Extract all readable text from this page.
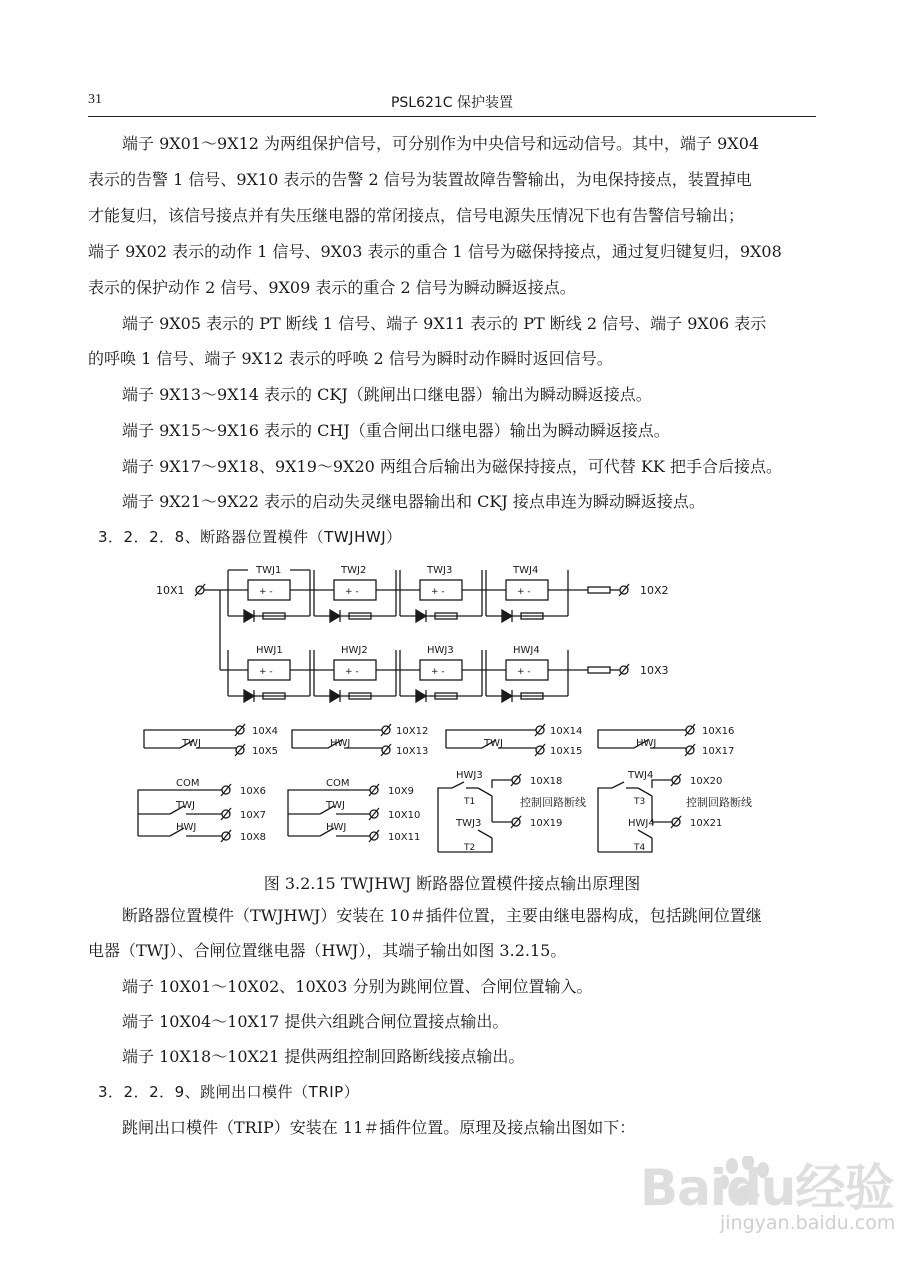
31	PSL621C 保护装置
端子 9X01～9X12 为两组保护信号，可分别作为中央信号和远动信号。其中，端子 9X04
表示的告警 1 信号、9X10 表示的告警 2 信号为装置故障告警输出，为电保持接点，装置掉电
才能复归，该信号接点并有失压继电器的常闭接点，信号电源失压情况下也有告警信号输出；
端子 9X02 表示的动作 1 信号、9X03 表示的重合 1 信号为磁保持接点，通过复归键复归，9X08
表示的保护动作 2 信号、9X09 表示的重合 2 信号为瞬动瞬返接点。
端子 9X05 表示的 PT 断线 1 信号、端子 9X11 表示的 PT 断线 2 信号、端子 9X06 表示
的呼唤 1 信号、端子 9X12 表示的呼唤 2 信号为瞬时动作瞬时返回信号。
端子 9X13～9X14 表示的 CKJ（跳闸出口继电器）输出为瞬动瞬返接点。
端子 9X15～9X16 表示的 CHJ（重合闸出口继电器）输出为瞬动瞬返接点。
端子 9X17～9X18、9X19～9X20 两组合后输出为磁保持接点，可代替 KK 把手合后接点。
端子 9X21～9X22 表示的启动失灵继电器输出和 CKJ 接点串连为瞬动瞬返接点。
3．2．2．8、断路器位置模件（TWJHWJ）
10X1
TWJ1	TWJ2	TWJ3	TWJ4
+ -	+ -	+ -	+ -	10X2
HWJ1	HWJ2	HWJ3	HWJ4
+ -	+ -	+ -	+ -	10X3
TWJ
10X4
10X5
HWJ
10X12
10X13
TWJ
10X14
10X15
HWJ
10X16
10X17
COM
TWJ
HWJ
10X6
10X7
10X8
COM
TWJ
HWJ
10X9
10X10
10X11
HWJ3
T1
TWJ3
T2
10X18
10X19
控制回路断线
TWJ4
T3
HWJ4
T4
10X20
10X21
控制回路断线
图 3.2.15 TWJHWJ 断路器位置模件接点输出原理图
断路器位置模件（TWJHWJ）安装在 10＃插件位置，主要由继电器构成，包括跳闸位置继
电器（TWJ）、合闸位置继电器（HWJ），其端子输出如图 3.2.15。
端子 10X01～10X02、10X03 分别为跳闸位置、合闸位置输入。
端子 10X04～10X17 提供六组跳合闸位置接点输出。
端子 10X18～10X21 提供两组控制回路断线接点输出。
3．2．2．9、跳闸出口模件（TRIP）
跳闸出口模件（TRIP）安装在 11＃插件位置。原理及接点输出图如下：
Baidu经验
jingyan.baidu.com
